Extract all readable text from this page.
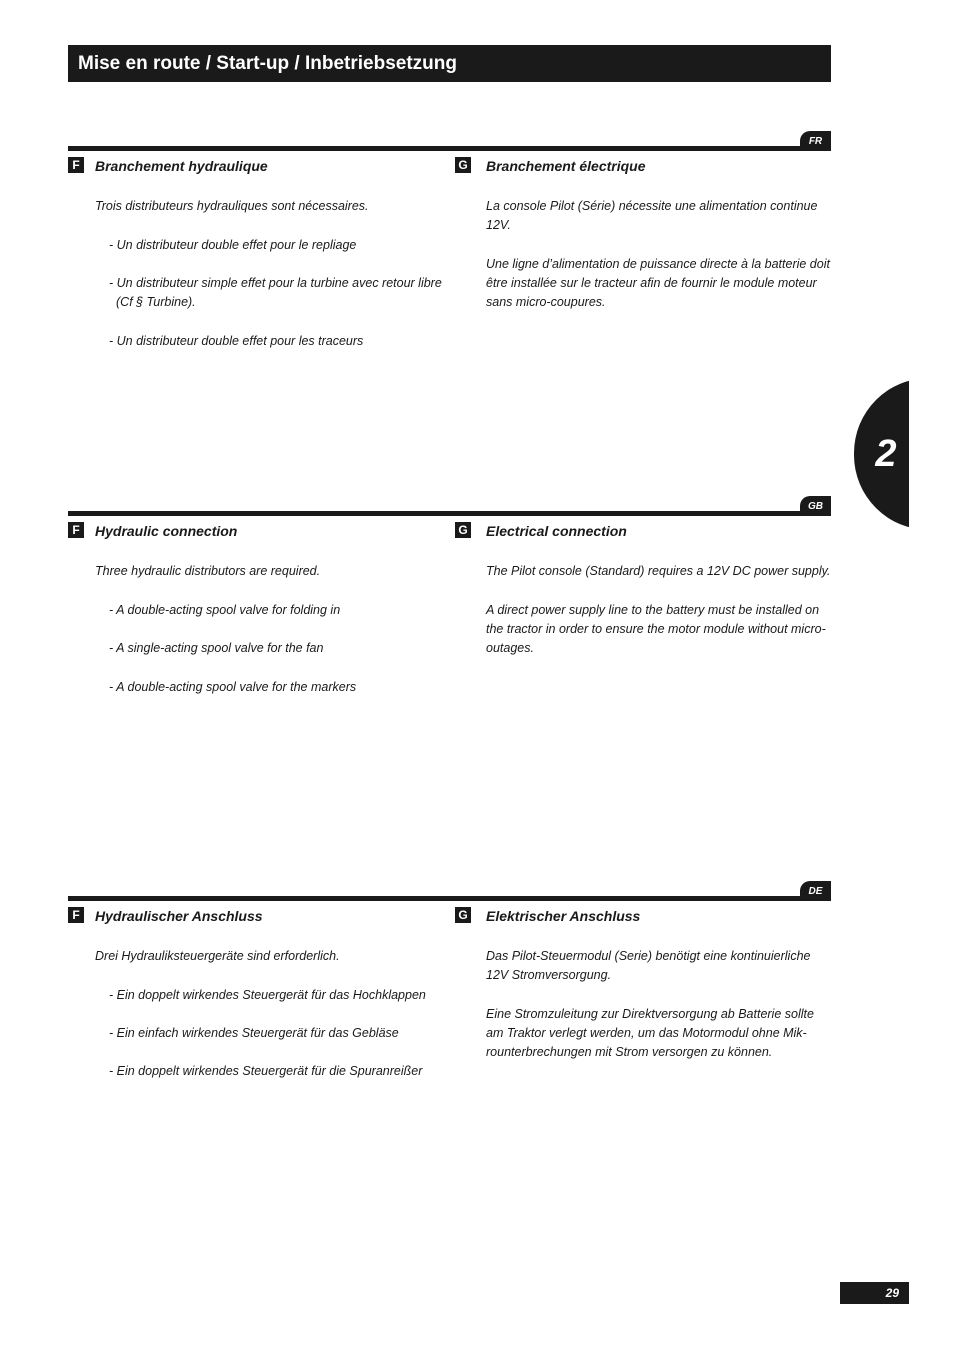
Mise en route / Start-up / Inbetriebsetzung
2
FR
F	Branchement hydraulique

Trois distributeurs hydrauliques sont nécessaires.

- Un distributeur double effet pour le repliage

- Un distributeur simple effet pour la turbine avec retour libre (Cf § Turbine).

- Un distributeur double effet pour les traceurs

G Branchement électrique

La console Pilot (Série) nécessite une alimentation continue 12V.

Une ligne d’alimentation de puissance directe à la batterie doit être installée sur le tracteur afin de fournir le module moteur sans micro-coupures.

GB
F	Hydraulic connection

Three hydraulic distributors are required.

- A double-acting spool valve for folding in

- A single-acting spool valve for the fan

- A double-acting spool valve for the markers

G Electrical connection

The Pilot console (Standard) requires a 12V DC power supply.

A direct power supply line to the battery must be installed on the tractor in order to ensure the motor module without micro-outages.

DE
F	Hydraulischer Anschluss

Drei Hydrauliksteuergeräte sind erforderlich.

- Ein doppelt wirkendes Steuergerät für das Hochklappen

- Ein einfach wirkendes Steuergerät für das Gebläse

- Ein doppelt wirkendes Steuergerät für die Spuranreißer

G Elektrischer Anschluss

Das Pilot-Steuermodul (Serie) benötigt eine kontinuierliche 12V Stromversorgung.

Eine Stromzuleitung zur Direktversorgung ab Batterie sollte am Traktor verlegt werden, um das Motormodul ohne Mik-rounterbrechungen mit Strom versorgen zu können.

29
